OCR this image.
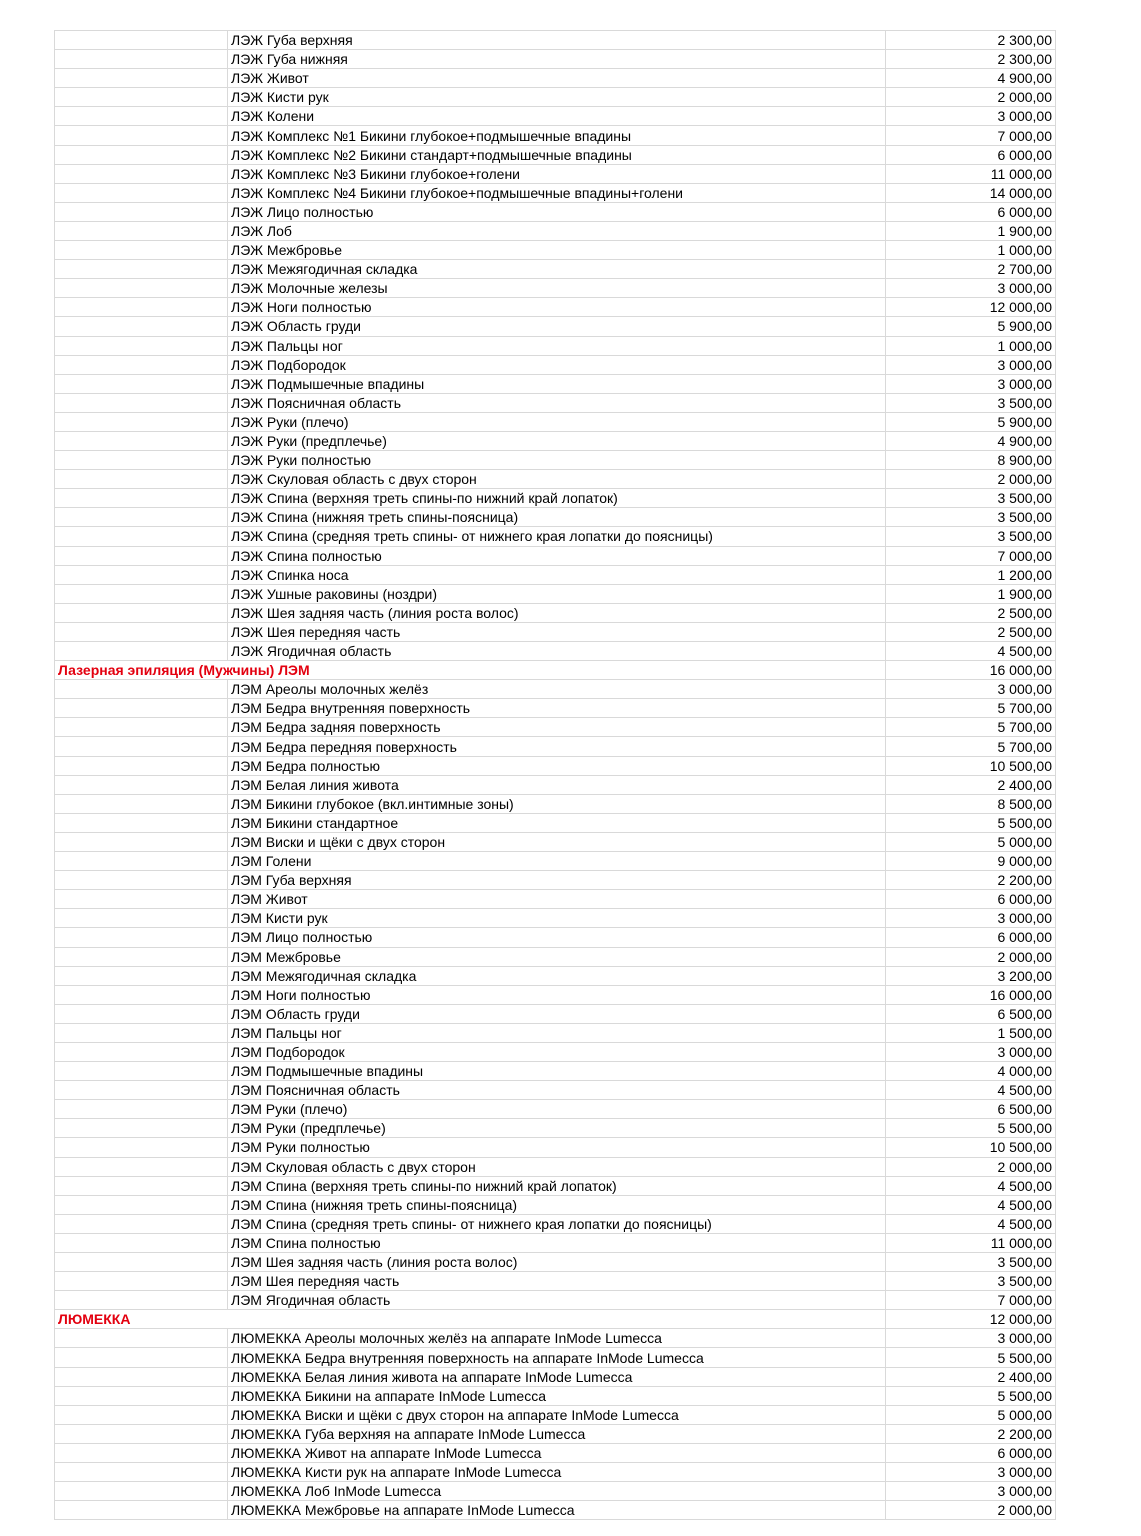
	ЛЭЖ Губа верхняя	2 300,00
	ЛЭЖ Губа нижняя	2 300,00
	ЛЭЖ Живот	4 900,00
	ЛЭЖ Кисти рук	2 000,00
	ЛЭЖ Колени	3 000,00
	ЛЭЖ Комплекс №1 Бикини глубокое+подмышечные впадины	7 000,00
	ЛЭЖ Комплекс №2 Бикини стандарт+подмышечные впадины	6 000,00
	ЛЭЖ Комплекс №3 Бикини глубокое+голени	11 000,00
	ЛЭЖ Комплекс №4 Бикини глубокое+подмышечные впадины+голени	14 000,00
	ЛЭЖ Лицо полностью	6 000,00
	ЛЭЖ Лоб	1 900,00
	ЛЭЖ Межбровье	1 000,00
	ЛЭЖ Межягодичная складка	2 700,00
	ЛЭЖ Молочные железы	3 000,00
	ЛЭЖ Ноги полностью	12 000,00
	ЛЭЖ Область груди	5 900,00
	ЛЭЖ Пальцы ног	1 000,00
	ЛЭЖ Подбородок	3 000,00
	ЛЭЖ Подмышечные впадины	3 000,00
	ЛЭЖ Поясничная область	3 500,00
	ЛЭЖ Руки (плечо)	5 900,00
	ЛЭЖ Руки (предплечье)	4 900,00
	ЛЭЖ Руки полностью	8 900,00
	ЛЭЖ Скуловая область с двух сторон	2 000,00
	ЛЭЖ Спина (верхняя треть спины-по нижний край лопаток)	3 500,00
	ЛЭЖ Спина (нижняя треть спины-поясница)	3 500,00
	ЛЭЖ Спина (средняя треть спины- от нижнего края лопатки до поясницы)	3 500,00
	ЛЭЖ Спина полностью	7 000,00
	ЛЭЖ Спинка носа	1 200,00
	ЛЭЖ Ушные раковины (ноздри)	1 900,00
	ЛЭЖ Шея задняя часть (линия роста волос)	2 500,00
	ЛЭЖ Шея передняя часть	2 500,00
	ЛЭЖ Ягодичная область	4 500,00
Лазерная эпиляция (Мужчины) ЛЭМ		16 000,00
	ЛЭМ Ареолы молочных желёз	3 000,00
	ЛЭМ Бедра внутренняя поверхность	5 700,00
	ЛЭМ Бедра задняя поверхность	5 700,00
	ЛЭМ Бедра передняя поверхность	5 700,00
	ЛЭМ Бедра полностью	10 500,00
	ЛЭМ Белая линия живота	2 400,00
	ЛЭМ Бикини глубокое (вкл.интимные зоны)	8 500,00
	ЛЭМ Бикини стандартное	5 500,00
	ЛЭМ Виски и щёки с двух сторон	5 000,00
	ЛЭМ Голени	9 000,00
	ЛЭМ Губа верхняя	2 200,00
	ЛЭМ Живот	6 000,00
	ЛЭМ Кисти рук	3 000,00
	ЛЭМ Лицо полностью	6 000,00
	ЛЭМ Межбровье	2 000,00
	ЛЭМ Межягодичная складка	3 200,00
	ЛЭМ Ноги полностью	16 000,00
	ЛЭМ Область груди	6 500,00
	ЛЭМ Пальцы ног	1 500,00
	ЛЭМ Подбородок	3 000,00
	ЛЭМ Подмышечные впадины	4 000,00
	ЛЭМ Поясничная область	4 500,00
	ЛЭМ Руки (плечо)	6 500,00
	ЛЭМ Руки (предплечье)	5 500,00
	ЛЭМ Руки полностью	10 500,00
	ЛЭМ Скуловая область с двух сторон	2 000,00
	ЛЭМ Спина (верхняя треть спины-по нижний край лопаток)	4 500,00
	ЛЭМ Спина (нижняя треть спины-поясница)	4 500,00
	ЛЭМ Спина (средняя треть спины- от нижнего края лопатки до поясницы)	4 500,00
	ЛЭМ Спина полностью	11 000,00
	ЛЭМ Шея задняя часть (линия роста волос)	3 500,00
	ЛЭМ Шея передняя часть	3 500,00
	ЛЭМ Ягодичная область	7 000,00
ЛЮМЕККА		12 000,00
	ЛЮМЕККА Ареолы молочных желёз на аппарате InMode Lumecca	3 000,00
	ЛЮМЕККА Бедра внутренняя поверхность на аппарате InMode Lumecca	5 500,00
	ЛЮМЕККА Белая линия живота на аппарате InMode Lumecca	2 400,00
	ЛЮМЕККА Бикини на аппарате InMode Lumecca	5 500,00
	ЛЮМЕККА Виски и щёки с двух сторон на аппарате InMode Lumecca	5 000,00
	ЛЮМЕККА Губа верхняя на аппарате InMode Lumecca	2 200,00
	ЛЮМЕККА Живот на аппарате InMode Lumecca	6 000,00
	ЛЮМЕККА Кисти рук на аппарате InMode Lumecca	3 000,00
	ЛЮМЕККА Лоб InMode Lumecca	3 000,00
	ЛЮМЕККА Межбровье на аппарате InMode Lumecca	2 000,00
